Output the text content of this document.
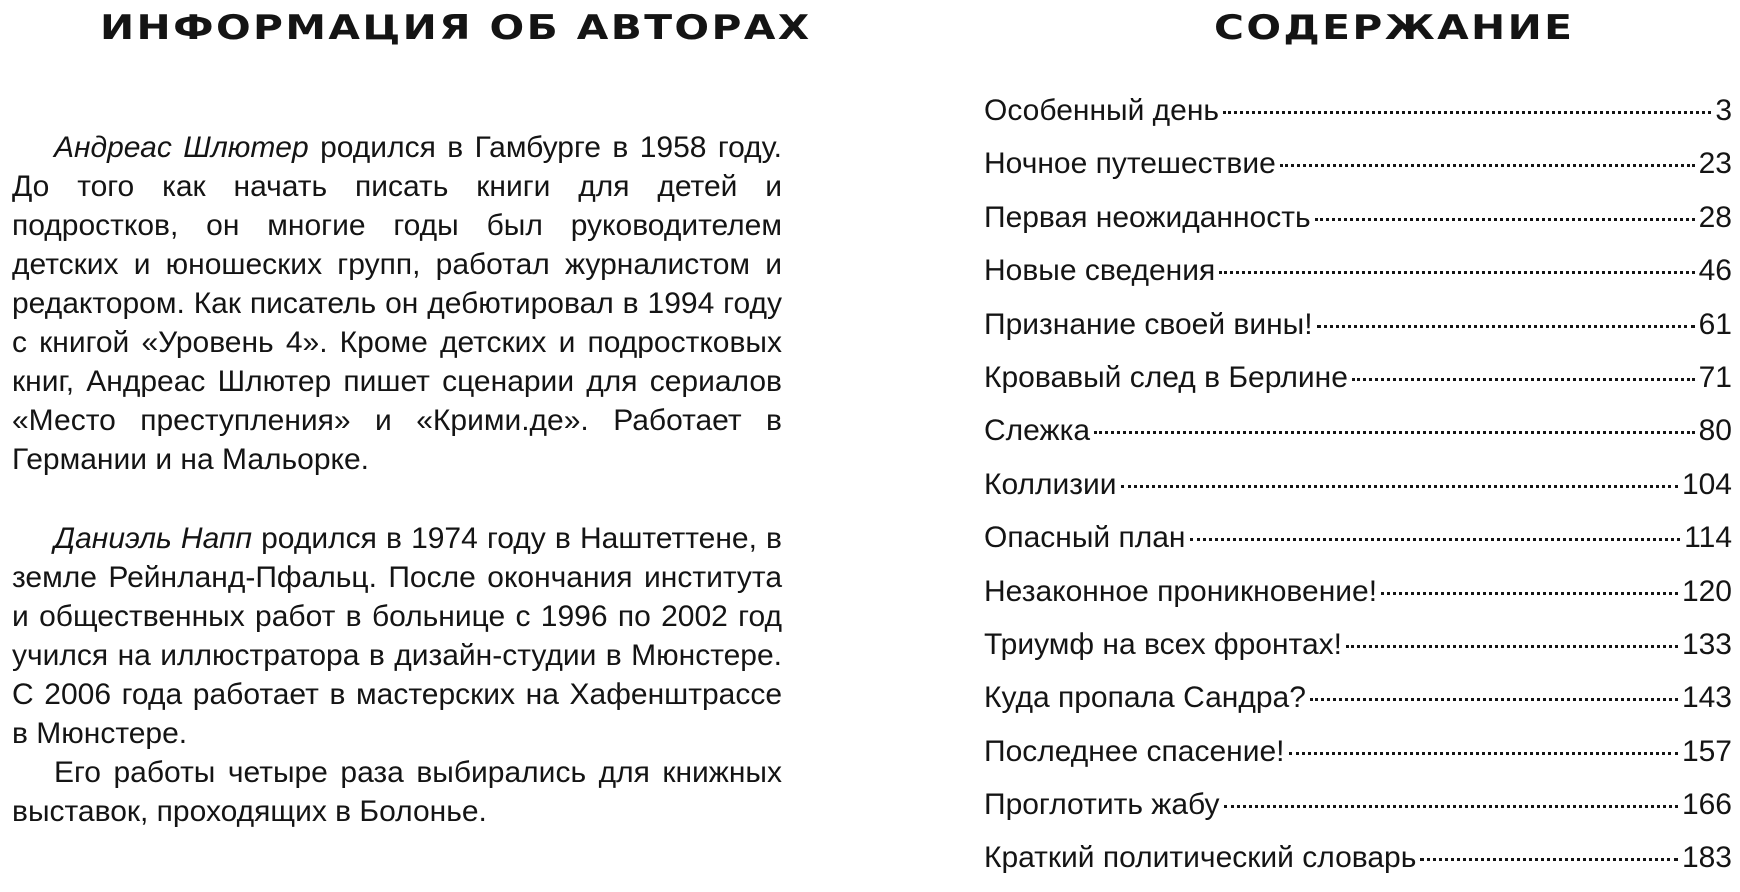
ИНФОРМАЦИЯ ОБ АВТОРАХ

Андреас Шлютер родился в Гамбурге в 1958 году. До того как начать писать книги для детей и подростков, он многие годы был руководителем детских и юношеских групп, работал журналистом и редактором. Как писатель он дебютировал в 1994 году с книгой «Уровень 4». Кроме детских и подростковых книг, Андреас Шлютер пишет сценарии для сериалов «Место преступления» и «Крими.де». Работает в Германии и на Мальорке.

Даниэль Напп родился в 1974 году в Наштеттене, в земле Рейнланд-Пфальц. После окончания института и общественных работ в больнице с 1996 по 2002 год учился на иллюстратора в дизайн-студии в Мюнстере. С 2006 года работает в мастерских на Хафенштрассе в Мюнстере.

Его работы четыре раза выбирались для книжных выставок, проходящих в Болонье.

СОДЕРЖАНИЕ
Особенный день	3
Ночное путешествие	23
Первая неожиданность	28
Новые сведения	46
Признание своей вины!	61
Кровавый след в Берлине	71
Слежка	80
Коллизии	104
Опасный план	114
Незаконное проникновение!	120
Триумф на всех фронтах!	133
Куда пропала Сандра?	143
Последнее спасение!	157
Проглотить жабу	166
Краткий политический словарь	183
